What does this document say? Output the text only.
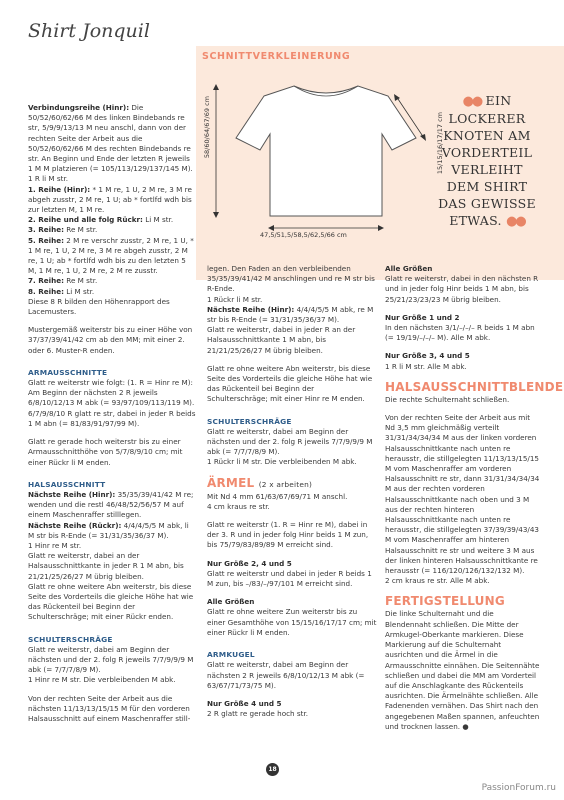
Shirt Jonquil
SCHNITTVERKLEINERUNG
58/60/64/67/69 cm	15/15/16/17/17 cm
47,5/51,5/58,5/62,5/66 cm
●● EIN
LOCKERER
KNOTEN AM
VORDERTEIL
VERLEIHT
DEM SHIRT
DAS GEWISSE
ETWAS. ●●

Verbindungsreihe (Hinr): Die 50/52/60/62/66 M des linken Bindebands re str, 5/9/9/13/13 M neu anschl, dann von der rechten Seite der Arbeit aus die 50/52/60/62/66 M des rechten Bindebands re str. An Beginn und Ende der letzten R jeweils 1 M M platzieren (= 105/113/129/137/145 M).

1 R li M str.

1. Reihe (Hinr): * 1 M re, 1 U, 2 M re, 3 M re abgeh zusstr, 2 M re, 1 U; ab * fortlfd wdh bis zur letzten M, 1 M re.

2. Reihe und alle folg Rückr: Li M str.

3. Reihe: Re M str.

5. Reihe: 2 M re verschr zusstr, 2 M re, 1 U, * 1 M re, 1 U, 2 M re, 3 M re abgeh zusstr, 2 M re, 1 U; ab * fortlfd wdh bis zu den letzten 5 M, 1 M re, 1 U, 2 M re, 2 M re zusstr.

7. Reihe: Re M str.

8. Reihe: Li M str.

Diese 8 R bilden den Höhenrapport des Lacemusters.

Mustergemäß weiterstr bis zu einer Höhe von 37/37/39/41/42 cm ab den MM; mit einer 2. oder 6. Muster-R enden.

ARMAUSSCHNITTE

Glatt re weiterstr wie folgt: (1. R = Hinr re M): Am Beginn der nächsten 2 R jeweils 6/8/10/12/13 M abk (= 93/97/109/113/119 M).

6/7/9/8/10 R glatt re str, dabei in jeder R beids 1 M abn (= 81/83/91/97/99 M).

Glatt re gerade hoch weiterstr bis zu einer Armausschnitthöhe von 5/7/8/9/10 cm; mit einer Rückr li M enden.

HALSAUSSCHNITT

Nächste Reihe (Hinr): 35/35/39/41/42 M re; wenden und die restl 46/48/52/56/57 M auf einem Maschenraffer stilllegen.

Nächste Reihe (Rückr): 4/4/4/5/5 M abk, li M str bis R-Ende (= 31/31/35/36/37 M).

1 Hinr re M str.

Glatt re weiterstr, dabei an der Halsausschnittkante in jeder R 1 M abn, bis 21/21/25/26/27 M übrig bleiben.

Glatt re ohne weitere Abn weiterstr, bis diese Seite des Vorderteils die gleiche Höhe hat wie das Rückenteil bei Beginn der Schulterschräge; mit einer Rückr enden.

SCHULTERSCHRÄGE

Glatt re weiterstr, dabei am Beginn der nächsten und der 2. folg R jeweils 7/7/9/9/9 M abk (= 7/7/7/8/9 M).

1 Hinr re M str. Die verbleibenden M abk.

Von der rechten Seite der Arbeit aus die nächsten 11/13/13/15/15 M für den vorderen Halsausschnitt auf einem Maschenraffer still-

legen. Den Faden an den verbleibenden 35/35/39/41/42 M anschlingen und re M str bis R-Ende.

1 Rückr li M str.

Nächste Reihe (Hinr): 4/4/4/5/5 M abk, re M str bis R-Ende (= 31/31/35/36/37 M).

Glatt re weiterstr, dabei in jeder R an der Halsausschnittkante 1 M abn, bis 21/21/25/26/27 M übrig bleiben.

Glatt re ohne weitere Abn weiterstr, bis diese Seite des Vorderteils die gleiche Höhe hat wie das Rückenteil bei Beginn der Schulterschräge; mit einer Hinr re M enden.

SCHULTERSCHRÄGE

Glatt re weiterstr, dabei am Beginn der nächsten und der 2. folg R jeweils 7/7/9/9/9 M abk (= 7/7/7/8/9 M).

1 Rückr li M str. Die verbleibenden M abk.

ÄRMEL (2 x arbeiten)

Mit Nd 4 mm 61/63/67/69/71 M anschl.

4 cm kraus re str.

Glatt re weiterstr (1. R = Hinr re M), dabei in der 3. R und in jeder folg Hinr beids 1 M zun, bis 75/79/83/89/89 M erreicht sind.

Nur Größe 2, 4 und 5

Glatt re weiterstr und dabei in jeder R beids 1 M zun, bis –/83/–/97/101 M erreicht sind.

Alle Größen

Glatt re ohne weitere Zun weiterstr bis zu einer Gesamthöhe von 15/15/16/17/17 cm; mit einer Rückr li M enden.

ARMKUGEL

Glatt re weiterstr, dabei am Beginn der nächsten 2 R jeweils 6/8/10/12/13 M abk (= 63/67/71/73/75 M).

Nur Größe 4 und 5

2 R glatt re gerade hoch str.

Alle Größen

Glatt re weiterstr, dabei in den nächsten R und in jeder folg Hinr beids 1 M abn, bis 25/21/23/23/23 M übrig bleiben.

Nur Größe 1 und 2

In den nächsten 3/1/–/–/– R beids 1 M abn (= 19/19/–/–/– M). Alle M abk.

Nur Größe 3, 4 und 5

1 R li M str. Alle M abk.

HALSAUSSCHNITTBLENDE

Die rechte Schulternaht schließen.

Von der rechten Seite der Arbeit aus mit Nd 3,5 mm gleichmäßig verteilt 31/31/34/34/34 M aus der linken vorderen Halsausschnittkante nach unten re herausstr, die stillgelegten 11/13/13/15/15 M vom Maschenraffer am vorderen Halsausschnitt re str, dann 31/31/34/34/34 M aus der rechten vorderen Halsausschnittkante nach oben und 3 M aus der rechten hinteren Halsausschnittkante nach unten re herausstr, die stillgelegten 37/39/39/43/43 M vom Maschenraffer am hinteren Halsausschnitt re str und weitere 3 M aus der linken hinteren Halsausschnittkante re herausstr (= 116/120/126/132/132 M).

2 cm kraus re str. Alle M abk.

FERTIGSTELLUNG

Die linke Schulternaht und die Blendennaht schließen. Die Mitte der Armkugel-Oberkante markieren. Diese Markierung auf die Schulternaht ausrichten und die Ärmel in die Armausschnitte einnähen. Die Seitennähte schließen und dabei die MM am Vorderteil auf die Anschlagkante des Rückenteils ausrichten. Die Ärmelnähte schließen. Alle Fadenenden vernähen. Das Shirt nach den angegebenen Maßen spannen, anfeuchten und trocknen lassen. ●

18
PassionForum.ru
